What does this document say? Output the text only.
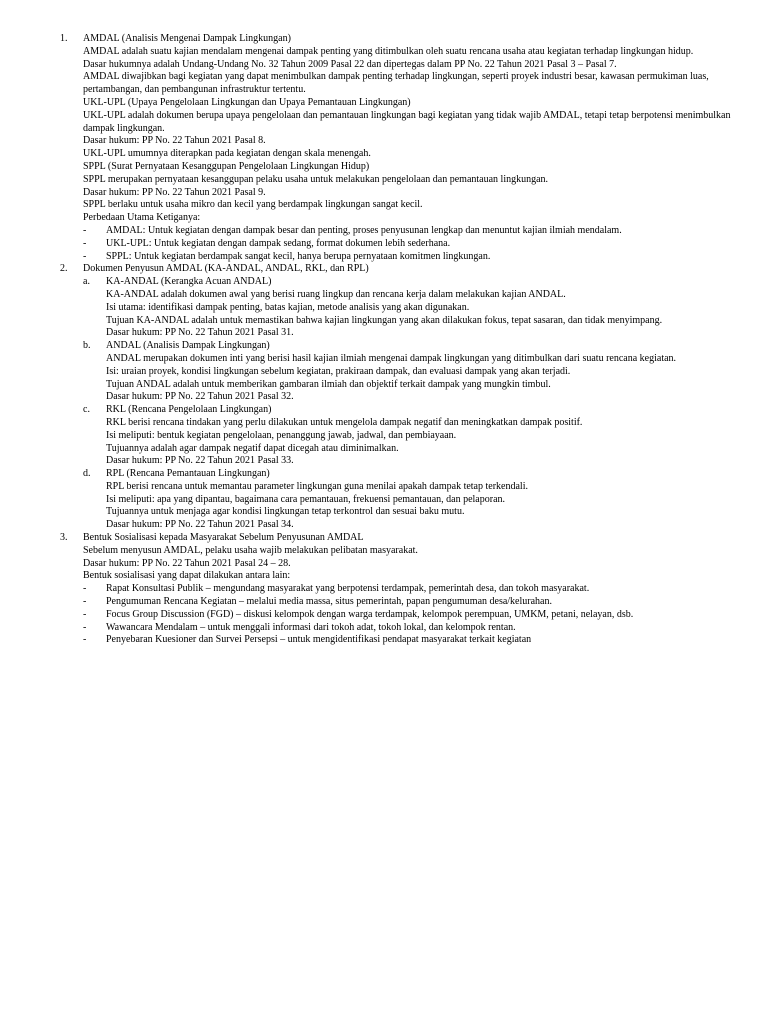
1. AMDAL (Analisis Mengenai Dampak Lingkungan)
AMDAL adalah suatu kajian mendalam mengenai dampak penting yang ditimbulkan oleh suatu rencana usaha atau kegiatan terhadap lingkungan hidup.
Dasar hukumnya adalah Undang-Undang No. 32 Tahun 2009 Pasal 22 dan dipertegas dalam PP No. 22 Tahun 2021 Pasal 3 – Pasal 7.
AMDAL diwajibkan bagi kegiatan yang dapat menimbulkan dampak penting terhadap lingkungan, seperti proyek industri besar, kawasan permukiman luas, pertambangan, dan pembangunan infrastruktur tertentu.
UKL-UPL (Upaya Pengelolaan Lingkungan dan Upaya Pemantauan Lingkungan)
UKL-UPL adalah dokumen berupa upaya pengelolaan dan pemantauan lingkungan bagi kegiatan yang tidak wajib AMDAL, tetapi tetap berpotensi menimbulkan dampak lingkungan.
Dasar hukum: PP No. 22 Tahun 2021 Pasal 8.
UKL-UPL umumnya diterapkan pada kegiatan dengan skala menengah.
SPPL (Surat Pernyataan Kesanggupan Pengelolaan Lingkungan Hidup)
SPPL merupakan pernyataan kesanggupan pelaku usaha untuk melakukan pengelolaan dan pemantauan lingkungan.
Dasar hukum: PP No. 22 Tahun 2021 Pasal 9.
SPPL berlaku untuk usaha mikro dan kecil yang berdampak lingkungan sangat kecil.
Perbedaan Utama Ketiganya:
- AMDAL: Untuk kegiatan dengan dampak besar dan penting, proses penyusunan lengkap dan menuntut kajian ilmiah mendalam.
- UKL-UPL: Untuk kegiatan dengan dampak sedang, format dokumen lebih sederhana.
- SPPL: Untuk kegiatan berdampak sangat kecil, hanya berupa pernyataan komitmen lingkungan.
2. Dokumen Penyusun AMDAL (KA-ANDAL, ANDAL, RKL, dan RPL)
a. KA-ANDAL (Kerangka Acuan ANDAL)
KA-ANDAL adalah dokumen awal yang berisi ruang lingkup dan rencana kerja dalam melakukan kajian ANDAL.
Isi utama: identifikasi dampak penting, batas kajian, metode analisis yang akan digunakan.
Tujuan KA-ANDAL adalah untuk memastikan bahwa kajian lingkungan yang akan dilakukan fokus, tepat sasaran, dan tidak menyimpang.
Dasar hukum: PP No. 22 Tahun 2021 Pasal 31.
b. ANDAL (Analisis Dampak Lingkungan)
ANDAL merupakan dokumen inti yang berisi hasil kajian ilmiah mengenai dampak lingkungan yang ditimbulkan dari suatu rencana kegiatan.
Isi: uraian proyek, kondisi lingkungan sebelum kegiatan, prakiraan dampak, dan evaluasi dampak yang akan terjadi.
Tujuan ANDAL adalah untuk memberikan gambaran ilmiah dan objektif terkait dampak yang mungkin timbul.
Dasar hukum: PP No. 22 Tahun 2021 Pasal 32.
c. RKL (Rencana Pengelolaan Lingkungan)
RKL berisi rencana tindakan yang perlu dilakukan untuk mengelola dampak negatif dan meningkatkan dampak positif.
Isi meliputi: bentuk kegiatan pengelolaan, penanggung jawab, jadwal, dan pembiayaan.
Tujuannya adalah agar dampak negatif dapat dicegah atau diminimalkan.
Dasar hukum: PP No. 22 Tahun 2021 Pasal 33.
d. RPL (Rencana Pemantauan Lingkungan)
RPL berisi rencana untuk memantau parameter lingkungan guna menilai apakah dampak tetap terkendali.
Isi meliputi: apa yang dipantau, bagaimana cara pemantauan, frekuensi pemantauan, dan pelaporan.
Tujuannya untuk menjaga agar kondisi lingkungan tetap terkontrol dan sesuai baku mutu.
Dasar hukum: PP No. 22 Tahun 2021 Pasal 34.
3. Bentuk Sosialisasi kepada Masyarakat Sebelum Penyusunan AMDAL
Sebelum menyusun AMDAL, pelaku usaha wajib melakukan pelibatan masyarakat.
Dasar hukum: PP No. 22 Tahun 2021 Pasal 24 – 28.
Bentuk sosialisasi yang dapat dilakukan antara lain:
- Rapat Konsultasi Publik – mengundang masyarakat yang berpotensi terdampak, pemerintah desa, dan tokoh masyarakat.
- Pengumuman Rencana Kegiatan – melalui media massa, situs pemerintah, papan pengumuman desa/kelurahan.
- Focus Group Discussion (FGD) – diskusi kelompok dengan warga terdampak, kelompok perempuan, UMKM, petani, nelayan, dsb.
- Wawancara Mendalam – untuk menggali informasi dari tokoh adat, tokoh lokal, dan kelompok rentan.
- Penyebaran Kuesioner dan Survei Persepsi – untuk mengidentifikasi pendapat masyarakat terkait kegiatan
